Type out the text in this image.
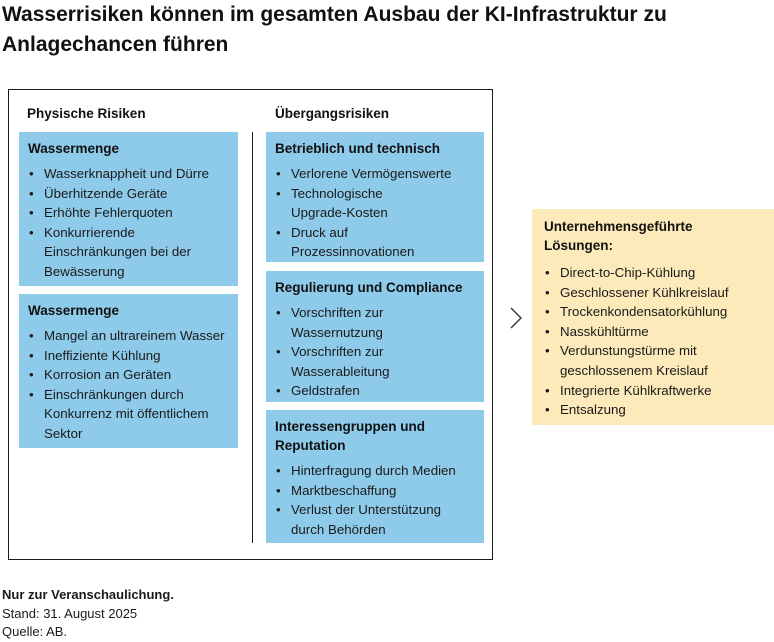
Wasserrisiken können im gesamten Ausbau der KI-Infrastruktur zu Anlagechancen führen
Physische Risiken	Übergangsrisiken
Wassermenge
• Wasserknappheit und Dürre
• Überhitzende Geräte
• Erhöhte Fehlerquoten
• Konkurrierende Einschränkungen bei der Bewässerung
Wassermenge
• Mangel an ultrareinem Wasser
• Ineffiziente Kühlung
• Korrosion an Geräten
• Einschränkungen durch Konkurrenz mit öffentlichem Sektor
Betrieblich und technisch
• Verlorene Vermögenswerte
• Technologische Upgrade-Kosten
• Druck auf Prozessinnovationen
Regulierung und Compliance
• Vorschriften zur Wassernutzung
• Vorschriften zur Wasserableitung
• Geldstrafen
Interessengruppen und Reputation
• Hinterfragung durch Medien
• Marktbeschaffung
• Verlust der Unterstützung durch Behörden
Unternehmensgeführte Lösungen:
• Direct-to-Chip-Kühlung
• Geschlossener Kühlkreislauf
• Trockenkondensatorkühlung
• Nasskühltürme
• Verdunstungstürme mit geschlossenem Kreislauf
• Integrierte Kühlkraftwerke
• Entsalzung
Nur zur Veranschaulichung.
Stand: 31. August 2025
Quelle: AB.
